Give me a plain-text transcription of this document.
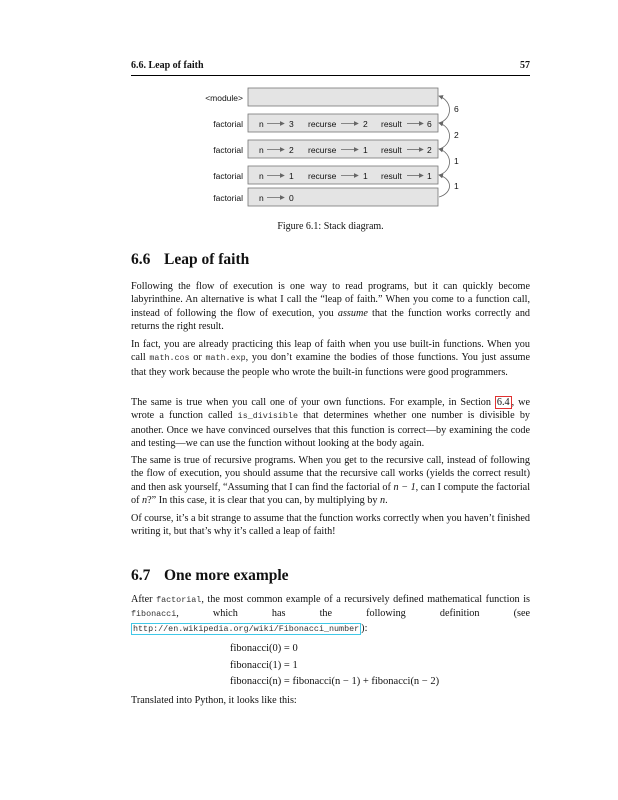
6.6. Leap of faith	57
<module>
factorial n	3 recurse	2 result	6
factorial n	2 recurse	1 result	2
factorial n	1 recurse	1 result	1
factorial n	0
6
2
1
1
Figure 6.1: Stack diagram.
6.6 Leap of faith

Following the flow of execution is one way to read programs, but it can quickly become labyrinthine. An alternative is what I call the “leap of faith.” When you come to a function call, instead of following the flow of execution, you assume that the function works correctly and returns the right result.

In fact, you are already practicing this leap of faith when you use built-in functions. When you call math.cos or math.exp, you don’t examine the bodies of those functions. You just assume that they work because the people who wrote the built-in functions were good programmers.

The same is true when you call one of your own functions. For example, in Section 6.4 , we wrote a function called is_divisible that determines whether one number is divisible by another. Once we have convinced ourselves that this function is correct—by examining the code and testing—we can use the function without looking at the body again.

The same is true of recursive programs. When you get to the recursive call, instead of following the flow of execution, you should assume that the recursive call works (yields the correct result) and then ask yourself, “Assuming that I can find the factorial of n − 1, can I compute the factorial of n?” In this case, it is clear that you can, by multiplying by n.

Of course, it’s a bit strange to assume that the function works correctly when you haven’t finished writing it, but that’s why it’s called a leap of faith!

6.7 One more example

After factorial, the most common example of a recursively defined mathematical function is fibonacci, which has the following definition (see http://en.wikipedia.org/wiki/Fibonacci_number ):

fibonacci(0) = 0
fibonacci(1) = 1
fibonacci(n) = fibonacci(n − 1) + fibonacci(n − 2)

Translated into Python, it looks like this:
